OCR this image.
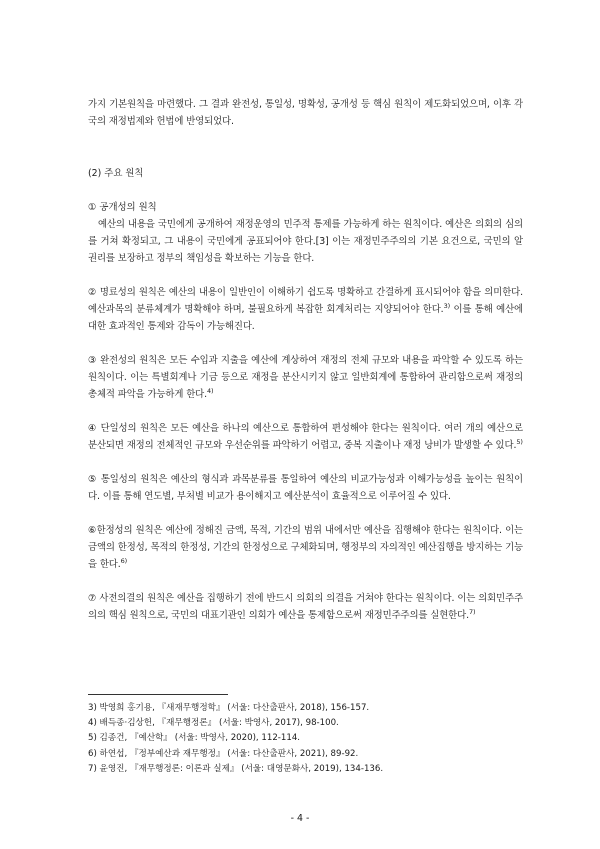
가지 기본원칙을 마련했다. 그 결과 완전성, 통일성, 명확성, 공개성 등 핵심 원칙이 제도화되었으며, 이후 각국의 재정법제와 헌법에 반영되었다.

(2) 주요 원칙

① 공개성의 원칙

예산의 내용을 국민에게 공개하여 재정운영의 민주적 통제를 가능하게 하는 원칙이다. 예산은 의회의 심의를 거쳐 확정되고, 그 내용이 국민에게 공표되어야 한다.[3] 이는 재정민주주의의 기본 요건으로, 국민의 알 권리를 보장하고 정부의 책임성을 확보하는 기능을 한다.

② 명료성의 원칙은 예산의 내용이 일반인이 이해하기 쉽도록 명확하고 간결하게 표시되어야 함을 의미한다. 예산과목의 분류체계가 명확해야 하며, 불필요하게 복잡한 회계처리는 지양되어야 한다.$^{3)}$ 이를 통해 예산에 대한 효과적인 통제와 감독이 가능해진다.

③ 완전성의 원칙은 모든 수입과 지출을 예산에 계상하여 재정의 전체 규모와 내용을 파악할 수 있도록 하는 원칙이다. 이는 특별회계나 기금 등으로 재정을 분산시키지 않고 일반회계에 통합하여 관리함으로써 재정의 총체적 파악을 가능하게 한다.$^{4)}$

④ 단일성의 원칙은 모든 예산을 하나의 예산으로 통합하여 편성해야 한다는 원칙이다. 여러 개의 예산으로 분산되면 재정의 전체적인 규모와 우선순위를 파악하기 어렵고, 중복 지출이나 재정 낭비가 발생할 수 있다.$^{5)}$

⑤ 통일성의 원칙은 예산의 형식과 과목분류를 통일하여 예산의 비교가능성과 이해가능성을 높이는 원칙이다. 이를 통해 연도별, 부처별 비교가 용이해지고 예산분석이 효율적으로 이루어질 수 있다.

⑥한정성의 원칙은 예산에 정해진 금액, 목적, 기간의 범위 내에서만 예산을 집행해야 한다는 원칙이다. 이는 금액의 한정성, 목적의 한정성, 기간의 한정성으로 구체화되며, 행정부의 자의적인 예산집행을 방지하는 기능을 한다.$^{6)}$

⑦ 사전의결의 원칙은 예산을 집행하기 전에 반드시 의회의 의결을 거쳐야 한다는 원칙이다. 이는 의회민주주의의 핵심 원칙으로, 국민의 대표기관인 의회가 예산을 통제함으로써 재정민주주의를 실현한다.$^{7)}$

3) 박영희 홍기용, 『새재무행정학』 (서울: 다산출판사, 2018), 156-157.

4) 배득종·김상헌, 『재무행정론』 (서울: 박영사, 2017), 98-100.

5) 김종건, 『예산학』 (서울: 박영사, 2020), 112-114.

6) 하연섭, 『정부예산과 재무행정』 (서울: 다산출판사, 2021), 89-92.

7) 윤영진, 『재무행정론: 이론과 실제』 (서울: 대영문화사, 2019), 134-136.

- 4 -
